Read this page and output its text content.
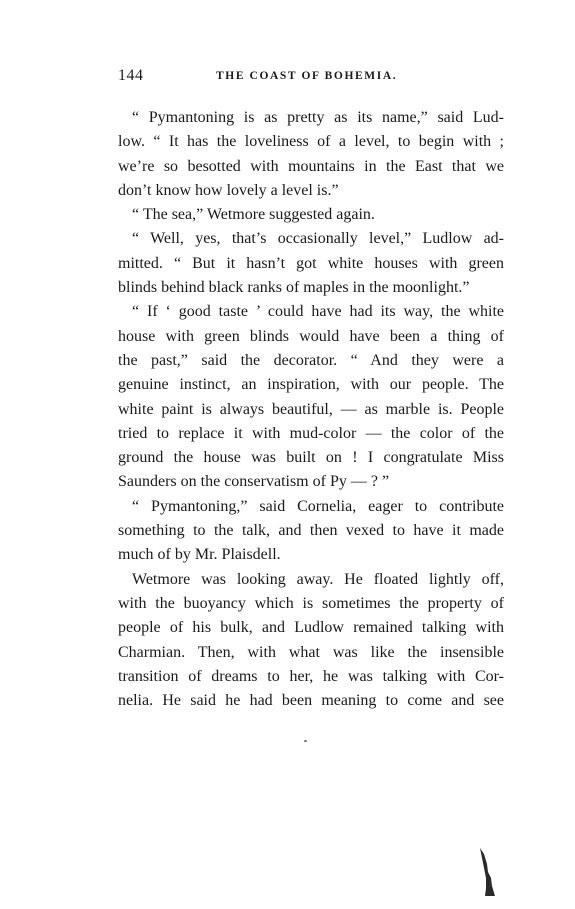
144	THE COAST OF BOHEMIA.
“ Pymantoning is as pretty as its name,” said Lud-
low. “ It has the loveliness of a level, to begin with ;
we’re so besotted with mountains in the East that we
don’t know how lovely a level is.”
“ The sea,” Wetmore suggested again.
“ Well, yes, that’s occasionally level,” Ludlow ad-
mitted. “ But it hasn’t got white houses with green
blinds behind black ranks of maples in the moonlight.”
“ If ‘ good taste ’ could have had its way, the white
house with green blinds would have been a thing of
the past,” said the decorator. “ And they were a
genuine instinct, an inspiration, with our people. The
white paint is always beautiful, — as marble is. People
tried to replace it with mud-color — the color of the
ground the house was built on ! I congratulate Miss
Saunders on the conservatism of Py — ? ”
“ Pymantoning,” said Cornelia, eager to contribute
something to the talk, and then vexed to have it made
much of by Mr. Plaisdell.
Wetmore was looking away. He floated lightly off,
with the buoyancy which is sometimes the property of
people of his bulk, and Ludlow remained talking with
Charmian. Then, with what was like the insensible
transition of dreams to her, he was talking with Cor-
nelia. He said he had been meaning to come and see
